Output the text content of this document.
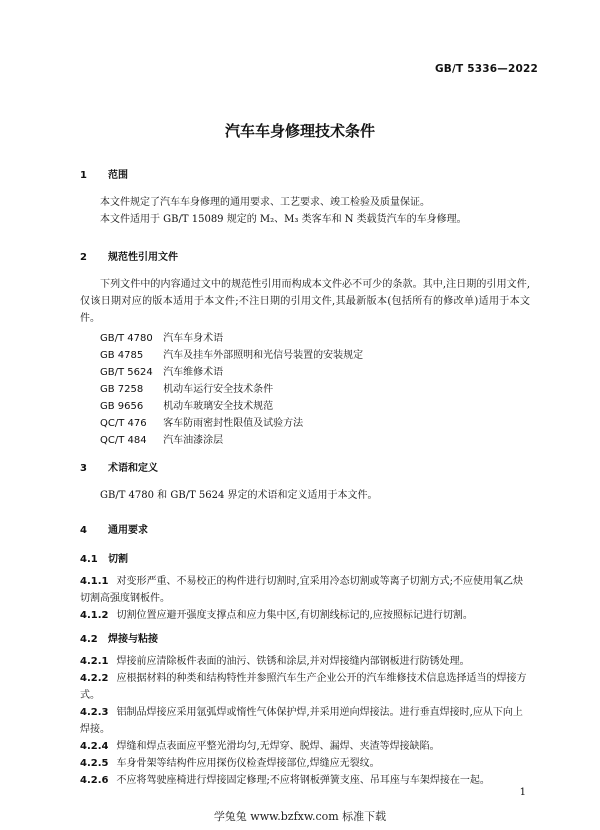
GB/T 5336—2022
汽车车身修理技术条件
1 范围
本文件规定了汽车车身修理的通用要求、工艺要求、竣工检验及质量保证。
本文件适用于 GB/T 15089 规定的 M₂、M₃ 类客车和 N 类载货汽车的车身修理。
2 规范性引用文件
下列文件中的内容通过文中的规范性引用而构成本文件必不可少的条款。其中,注日期的引用文件,仅该日期对应的版本适用于本文件;不注日期的引用文件,其最新版本(包括所有的修改单)适用于本文件。
GB/T 4780 汽车车身术语
GB 4785 汽车及挂车外部照明和光信号装置的安装规定
GB/T 5624 汽车维修术语
GB 7258 机动车运行安全技术条件
GB 9656 机动车玻璃安全技术规范
QC/T 476 客车防雨密封性限值及试验方法
QC/T 484 汽车油漆涂层
3 术语和定义
GB/T 4780 和 GB/T 5624 界定的术语和定义适用于本文件。
4 通用要求
4.1 切割
4.1.1 对变形严重、不易校正的构件进行切割时,宜采用冷态切割或等离子切割方式;不应使用氧乙炔切割高强度钢板件。
4.1.2 切割位置应避开强度支撑点和应力集中区,有切割线标记的,应按照标记进行切割。
4.2 焊接与粘接
4.2.1 焊接前应清除板件表面的油污、铁锈和涂层,并对焊接缝内部钢板进行防锈处理。
4.2.2 应根据材料的种类和结构特性并参照汽车生产企业公开的汽车维修技术信息选择适当的焊接方式。
4.2.3 铝制品焊接应采用氩弧焊或惰性气体保护焊,并采用逆向焊接法。进行垂直焊接时,应从下向上焊接。
4.2.4 焊缝和焊点表面应平整光滑均匀,无焊穿、脱焊、漏焊、夹渣等焊接缺陷。
4.2.5 车身骨架等结构件应用探伤仪检查焊接部位,焊缝应无裂纹。
4.2.6 不应将驾驶座椅进行焊接固定修理;不应将钢板弹簧支座、吊耳座与车架焊接在一起。
1
学兔兔 www.bzfxw.com 标准下载
